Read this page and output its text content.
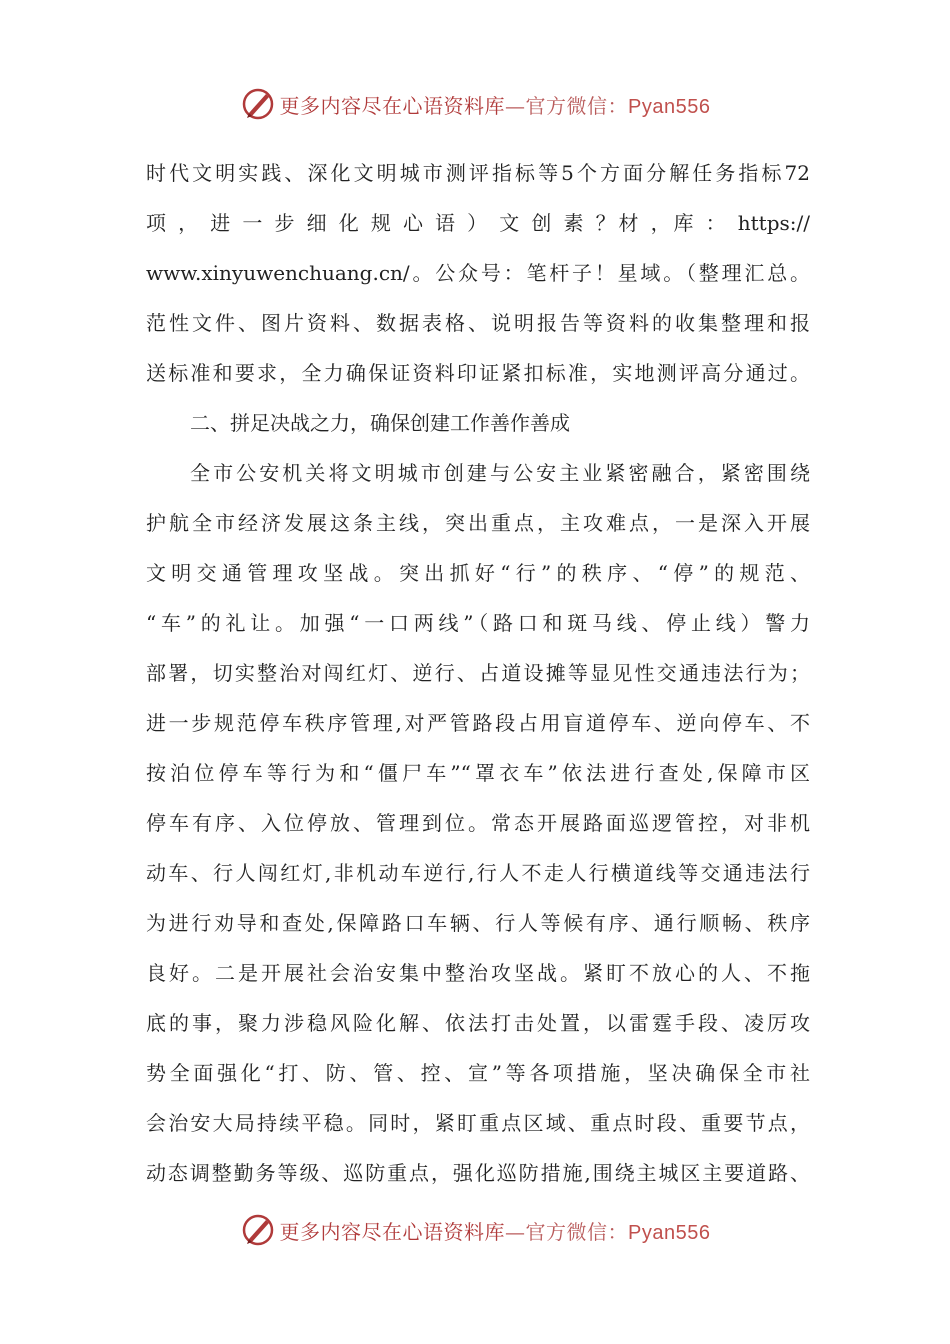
更多内容尽在心语资料库—官方微信：Pyan556
时代文明实践、深化文明城市测评指标等5个方面分解任务指标72
项 ， 进 一 步 细 化 规 心 语 ） 文 创 素 ？材 ，库 ： https://
www.xinyuwenchuang.cn/。公众号：笔杆子！星域。（整理汇总。
范性文件、图片资料、数据表格、说明报告等资料的收集整理和报
送标准和要求，全力确保证资料印证紧扣标准，实地测评高分通过。
二、拼足决战之力，确保创建工作善作善成
全市公安机关将文明城市创建与公安主业紧密融合，紧密围绕
护航全市经济发展这条主线，突出重点，主攻难点，一是深入开展
文明交通管理攻坚战。突出抓好“行”的秩序、“停”的规范、
“车”的礼让。加强“一口两线”（路口和斑马线、停止线）警力
部署，切实整治对闯红灯、逆行、占道设摊等显见性交通违法行为；
进一步规范停车秩序管理,对严管路段占用盲道停车、逆向停车、不
按泊位停车等行为和“僵尸车”“罩衣车”依法进行查处,保障市区
停车有序、入位停放、管理到位。常态开展路面巡逻管控，对非机
动车、行人闯红灯,非机动车逆行,行人不走人行横道线等交通违法行
为进行劝导和查处,保障路口车辆、行人等候有序、通行顺畅、秩序
良好。二是开展社会治安集中整治攻坚战。紧盯不放心的人、不拖
底的事，聚力涉稳风险化解、依法打击处置，以雷霆手段、凌厉攻
势全面强化“打、防、管、控、宣”等各项措施，坚决确保全市社
会治安大局持续平稳。同时，紧盯重点区域、重点时段、重要节点，
动态调整勤务等级、巡防重点，强化巡防措施,围绕主城区主要道路、
更多内容尽在心语资料库—官方微信：Pyan556
